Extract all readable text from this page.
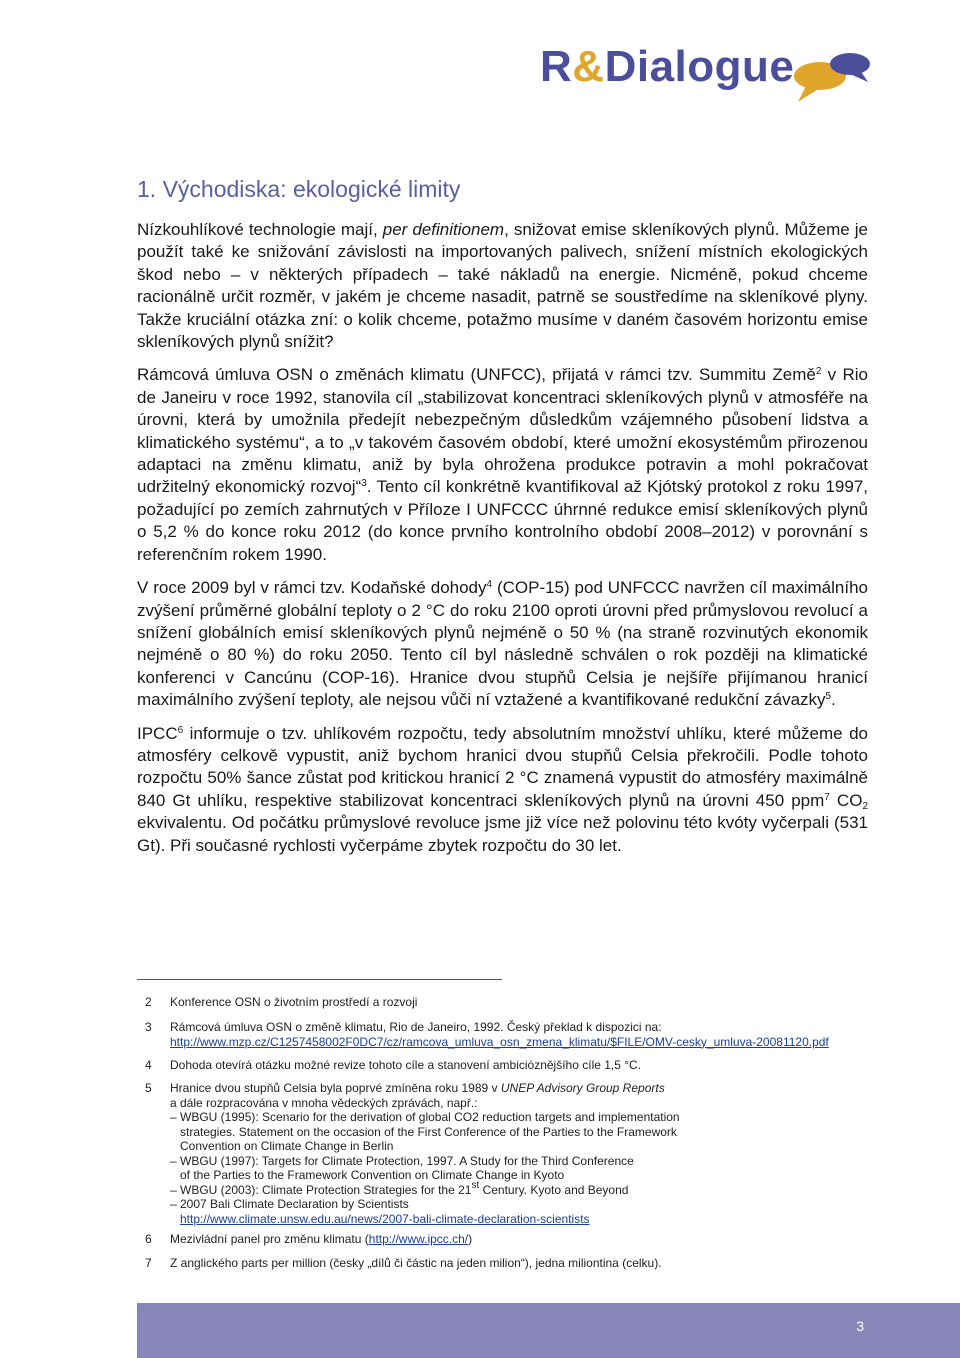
R&Dialogue
1. Východiska: ekologické limity

Nízkouhlíkové technologie mají, per definitionem, snižovat emise skleníkových plynů. Můžeme je použít také ke snižování závislosti na importovaných palivech, snížení místních ekologických škod nebo – v některých případech – také nákladů na energie. Nicméně, pokud chceme racionálně určit rozměr, v jakém je chceme nasadit, patrně se soustředíme na skleníkové plyny. Takže kruciální otázka zní: o kolik chceme, potažmo musíme v daném časovém horizontu emise skleníkových plynů snížit?

Rámcová úmluva OSN o změnách klimatu (UNFCC), přijatá v rámci tzv. Summitu Země$^2$ v Rio de Janeiru v roce 1992, stanovila cíl „stabilizovat koncentraci skleníkových plynů v atmosféře na úrovni, která by umožnila předejít nebezpečným důsledkům vzájemného působení lidstva a klimatického systému“, a to „v takovém časovém období, které umožní ekosystémům přirozenou adaptaci na změnu klimatu, aniž by byla ohrožena produkce potravin a mohl pokračovat udržitelný ekonomický rozvoj“$^3$. Tento cíl konkrétně kvantifikoval až Kjótský protokol z roku 1997, požadující po zemích zahrnutých v Příloze I UNFCCC úhrnné redukce emisí skleníkových plynů o 5,2 % do konce roku 2012 (do konce prvního kontrolního období 2008–2012) v porovnání s referenčním rokem 1990.

V roce 2009 byl v rámci tzv. Kodaňské dohody$^4$ (COP-15) pod UNFCCC navržen cíl maximálního zvýšení průměrné globální teploty o 2 °C do roku 2100 oproti úrovni před průmyslovou revolucí a snížení globálních emisí skleníkových plynů nejméně o 50 % (na straně rozvinutých ekonomik nejméně o 80 %) do roku 2050. Tento cíl byl následně schválen o rok později na klimatické konferenci v Cancúnu (COP-16). Hranice dvou stupňů Celsia je nejšíře přijímanou hranicí maximálního zvýšení teploty, ale nejsou vůči ní vztažené a kvantifikované redukční závazky$^5$.

IPCC$^6$ informuje o tzv. uhlíkovém rozpočtu, tedy absolutním množství uhlíku, které můžeme do atmosféry celkově vypustit, aniž bychom hranici dvou stupňů Celsia překročili. Podle tohoto rozpočtu 50% šance zůstat pod kritickou hranicí 2 °C znamená vypustit do atmosféry maximálně 840 Gt uhlíku, respektive stabilizovat koncentraci skleníkových plynů na úrovni 450 ppm$^7$ $CO_2$ ekvivalentu. Od počátku průmyslové revoluce jsme již více než polovinu této kvóty vyčerpali (531 Gt). Při současné rychlosti vyčerpáme zbytek rozpočtu do 30 let.

2 Konference OSN o životním prostředí a rozvoji
3 Rámcová úmluva OSN o změně klimatu, Rio de Janeiro, 1992. Český překlad k dispozici na:
http://www.mzp.cz/C1257458002F0DC7/cz/ramcova_umluva_osn_zmena_klimatu/$FILE/OMV-cesky_umluva-20081120.pdf
4 Dohoda otevírá otázku možné revize tohoto cíle a stanovení ambicióznějšího cíle 1,5 °C.
5 Hranice dvou stupňů Celsia byla poprvé zmíněna roku 1989 v UNEP Advisory Group Reports
a dále rozpracována v mnoha vědeckých zprávách, např.:
– WBGU (1995): Scenario for the derivation of global CO2 reduction targets and implementation

strategies. Statement on the occasion of the First Conference of the Parties to the Framework
Convention on Climate Change in Berlin
– WBGU (1997): Targets for Climate Protection, 1997. A Study for the Third Conference

of the Parties to the Framework Convention on Climate Change in Kyoto
– WBGU (2003): Climate Protection Strategies for the 21st Century. Kyoto and Beyond
– 2007 Bali Climate Declaration by Scientists

http://www.climate.unsw.edu.au/news/2007-bali-climate-declaration-scientists
6 Mezivládní panel pro změnu klimatu (http://www.ipcc.ch/)
7 Z anglického parts per million (česky „dílů či částic na jeden milion“), jedna miliontina (celku).
3
